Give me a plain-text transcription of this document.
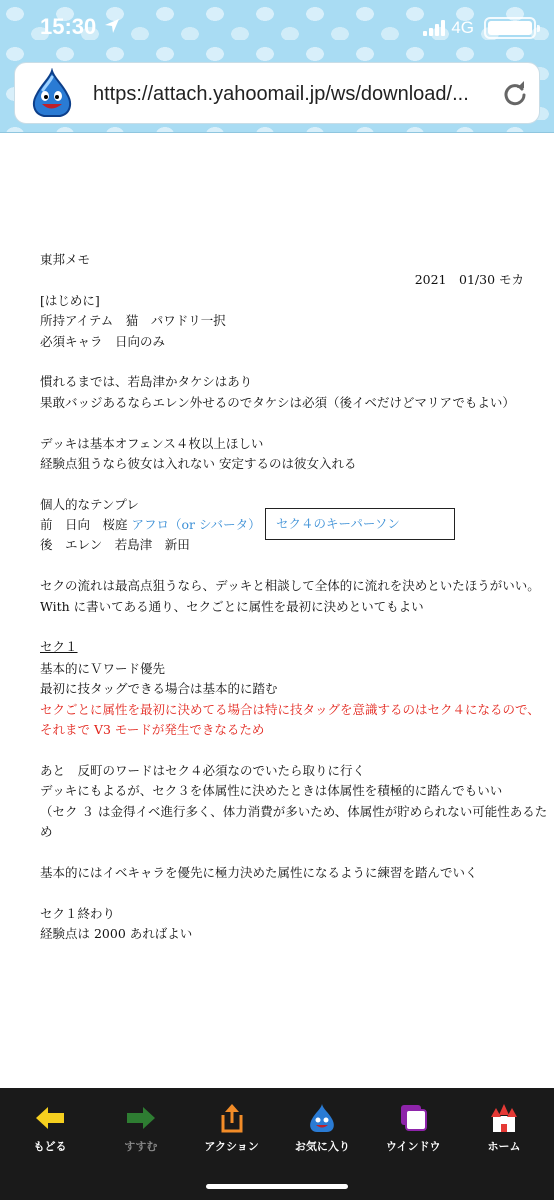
15:30	4G
https://attach.yahoomail.jp/ws/download/...
東邦メモ
2021　01/30 モカ
[はじめに]
所持アイテム　猫　パワドリ一択
必須キャラ　日向のみ
慣れるまでは、若島津かタケシはあり
果敢バッジあるならエレン外せるのでタケシは必須（後イベだけどマリアでもよい）
デッキは基本オフェンス４枚以上ほしい
経験点狙うなら彼女は入れない 安定するのは彼女入れる
個人的なテンプレ
前　日向　桜庭 アフロ（or シバータ）	セク４のキーパーソン
後　エレン　若島津　新田
セクの流れは最高点狙うなら、デッキと相談して全体的に流れを決めといたほうがいい。
With に書いてある通り、セクごとに属性を最初に決めといてもよい
セク１
基本的にＶワード優先
最初に技タッグできる場合は基本的に踏む
セクごとに属性を最初に決めてる場合は特に技タッグを意識するのはセク４になるので、
それまで V3 モードが発生できなるため
あと　反町のワードはセク４必須なのでいたら取りに行く
デッキにもよるが、セク３を体属性に決めたときは体属性を積極的に踏んでもいい
（セク ３ は金得イベ進行多く、体力消費が多いため、体属性が貯められない可能性あるた
め
基本的にはイベキャラを優先に極力決めた属性になるように練習を踏んでいく
セク１終わり
経験点は 2000 あればよい
もどる	すすむ	アクション	お気に入り	ウインドウ	ホーム
